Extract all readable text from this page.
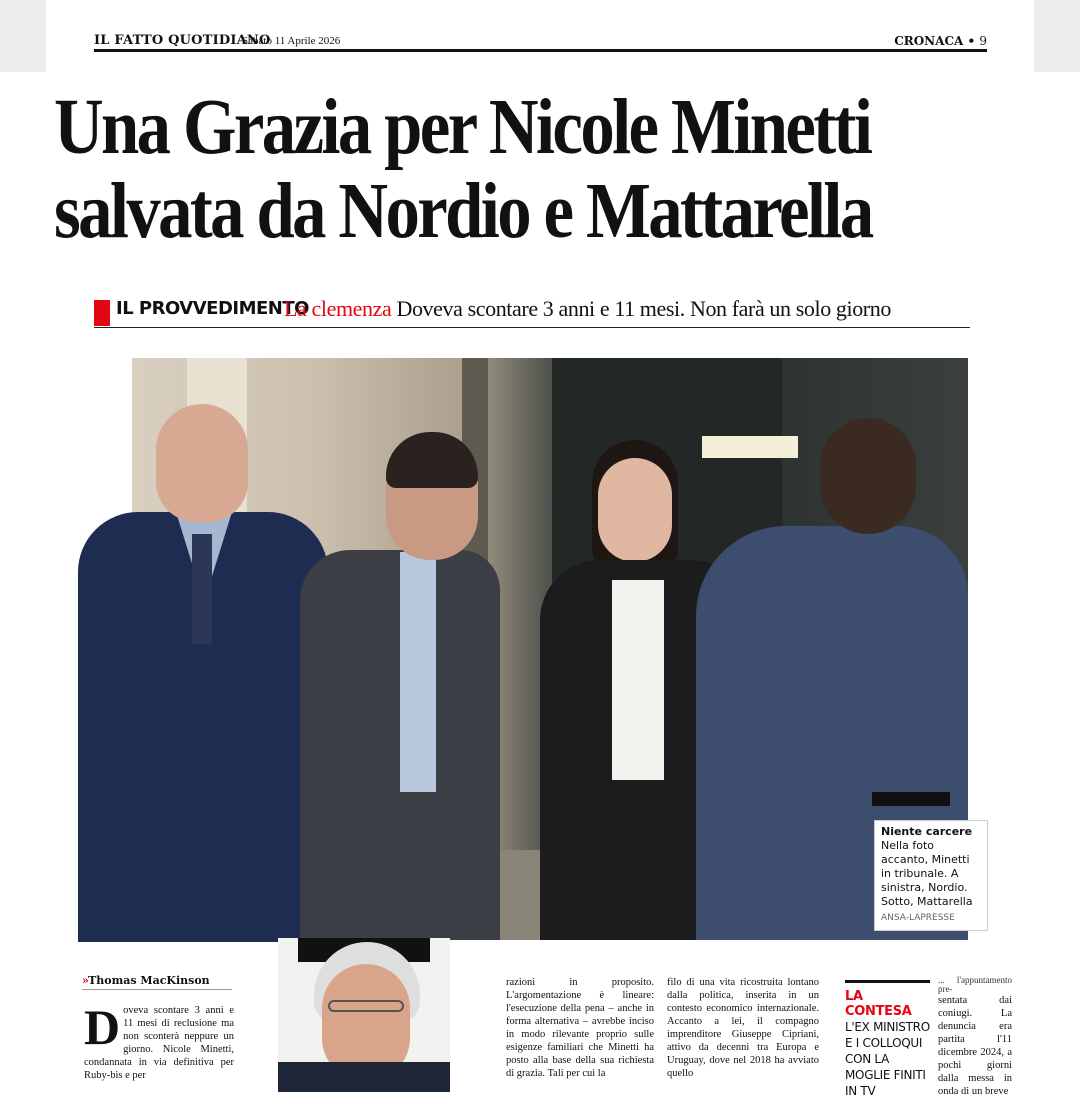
IL FATTO QUOTIDIANO
Sabato 11 Aprile 2026	CRONACA • 9
Una Grazia per Nicole Minetti
salvata da Nordio e Mattarella
IL PROVVEDIMENTO
La clemenza Doveva scontare 3 anni e 11 mesi. Non farà un solo giorno
Niente carcere
Nella foto accanto, Minetti in tribunale. A sinistra, Nordio. Sotto, Mattarella
ANSA-LAPRESSE
»Thomas MacKinson

Doveva scontare 3 anni e 11 mesi di reclusione ma non sconterà neppure un giorno. Nicole Minetti, condannata in via definitiva per Ruby-bis e per

razioni in proposito. L'argomentazione è lineare: l'esecuzione della pena – anche in forma alternativa – avrebbe inciso in modo rilevante proprio sulle esigenze familiari che Minetti ha posto alla base della sua richiesta di grazia. Tali per cui la

filo di una vita ricostruita lontano dalla politica, inserita in un contesto economico internazionale. Accanto a lei, il compagno imprenditore Giuseppe Cipriani, attivo da decenni tra Europa e Uruguay, dove nel 2018 ha avviato quello

LA CONTESA
L'EX MINISTRO E I COLLOQUI CON LA MOGLIE FINITI IN TV
... l'appuntamento pre-
sentata dai coniugi. La denuncia era partita l'11 dicembre 2024, a pochi giorni dalla messa in onda di un breve
